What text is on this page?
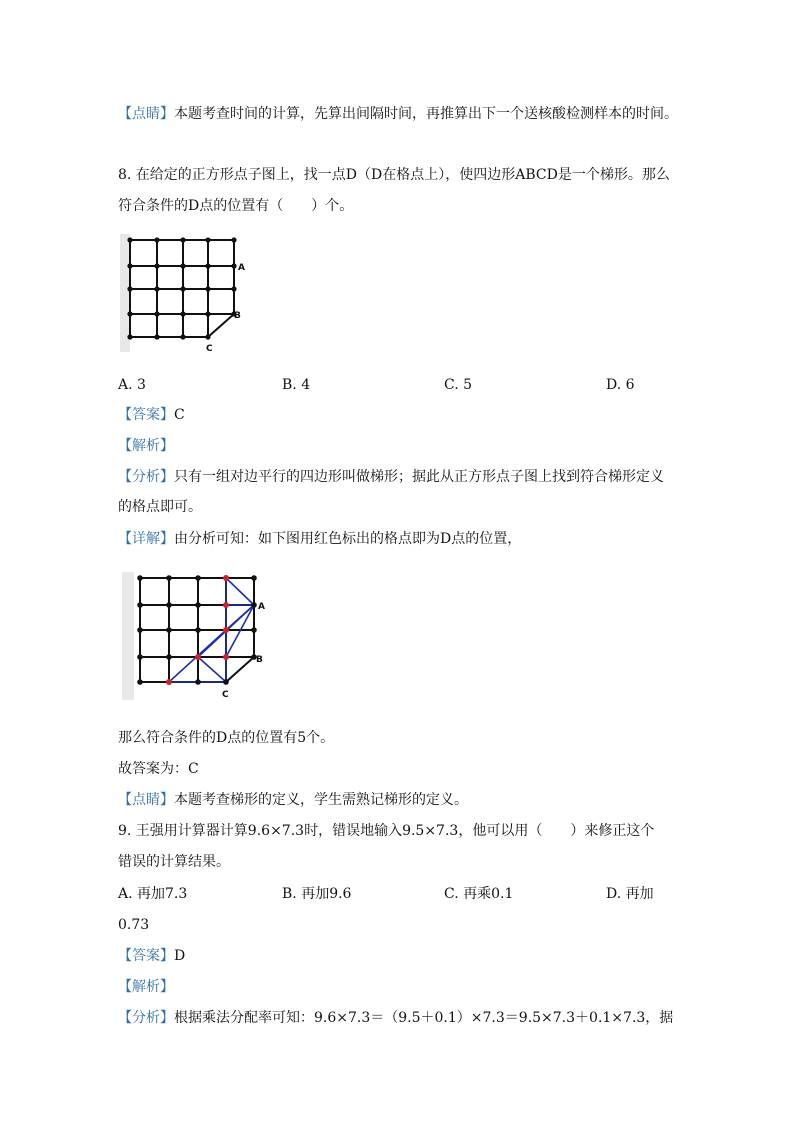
【点睛】本题考查时间的计算，先算出间隔时间，再推算出下一个送核酸检测样本的时间。
8. 在给定的正方形点子图上，找一点D（D在格点上），使四边形ABCD是一个梯形。那么
符合条件的D点的位置有（　　）个。
A
B
C
A. 3	B. 4	C. 5	D. 6
【答案】C
【解析】
【分析】只有一组对边平行的四边形叫做梯形；据此从正方形点子图上找到符合梯形定义
的格点即可。
【详解】由分析可知：如下图用红色标出的格点即为D点的位置，
A
B
C
那么符合条件的D点的位置有5个。
故答案为：C
【点睛】本题考查梯形的定义，学生需熟记梯形的定义。
9. 王强用计算器计算9.6×7.3时，错误地输入9.5×7.3，他可以用（　　）来修正这个
错误的计算结果。
A. 再加7.3	B. 再加9.6	C. 再乘0.1	D. 再加
0.73
【答案】D
【解析】
【分析】根据乘法分配率可知：9.6×7.3＝（9.5＋0.1）×7.3＝9.5×7.3＋0.1×7.3，据
